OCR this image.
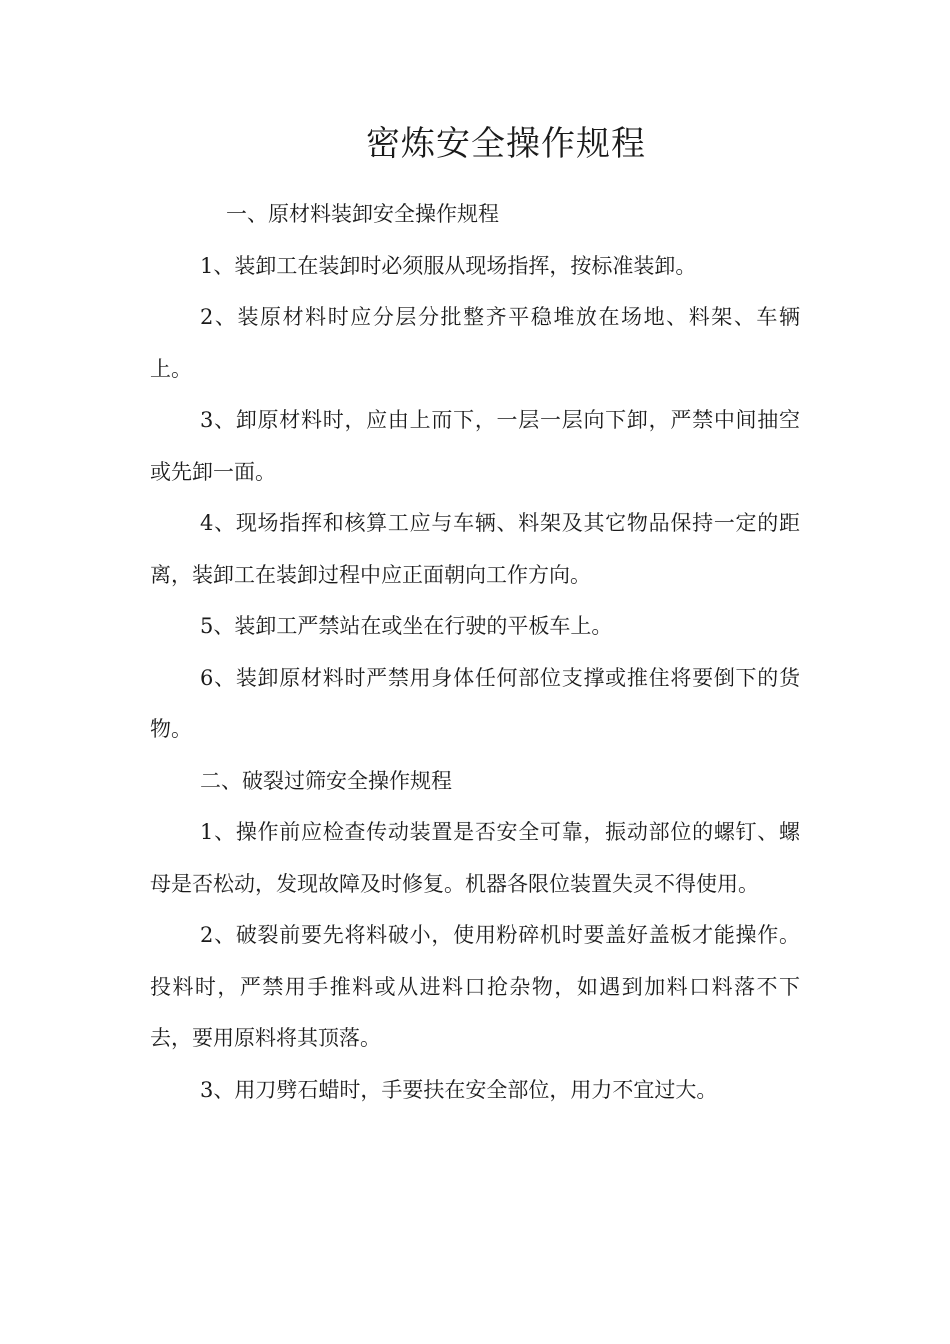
密炼安全操作规程

一、原材料装卸安全操作规程

1、装卸工在装卸时必须服从现场指挥，按标准装卸。

2、装原材料时应分层分批整齐平稳堆放在场地、料架、车辆上。

3、卸原材料时，应由上而下，一层一层向下卸，严禁中间抽空或先卸一面。

4、现场指挥和核算工应与车辆、料架及其它物品保持一定的距离，装卸工在装卸过程中应正面朝向工作方向。

5、装卸工严禁站在或坐在行驶的平板车上。

6、装卸原材料时严禁用身体任何部位支撑或推住将要倒下的货物。

二、破裂过筛安全操作规程

1、操作前应检查传动装置是否安全可靠，振动部位的螺钉、螺母是否松动，发现故障及时修复。机器各限位装置失灵不得使用。

2、破裂前要先将料破小，使用粉碎机时要盖好盖板才能操作。投料时，严禁用手推料或从进料口抢杂物，如遇到加料口料落不下去，要用原料将其顶落。

3、用刀劈石蜡时，手要扶在安全部位，用力不宜过大。
